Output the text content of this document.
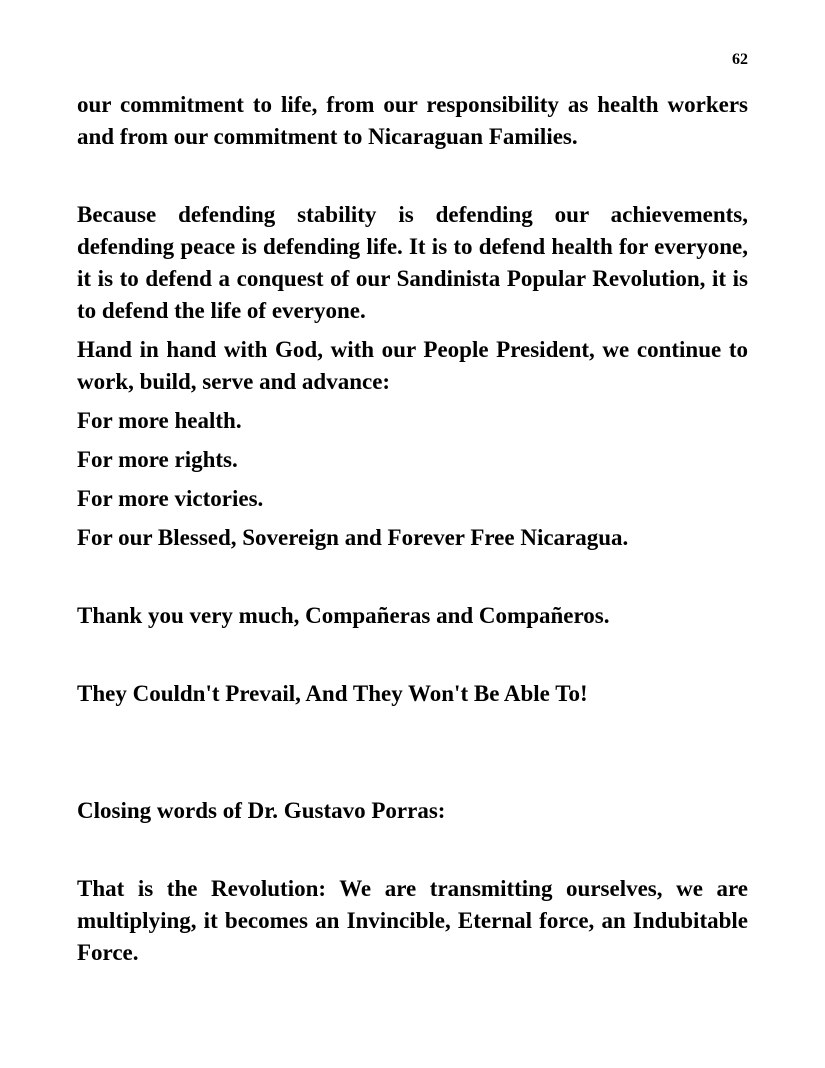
62

our commitment to life, from our responsibility as health workers and from our commitment to Nicaraguan Families.

Because defending stability is defending our achievements, defending peace is defending life. It is to defend health for everyone, it is to defend a conquest of our Sandinista Popular Revolution, it is to defend the life of everyone.

Hand in hand with God, with our People President, we continue to work, build, serve and advance:

For more health.

For more rights.

For more victories.

For our Blessed, Sovereign and Forever Free Nicaragua.

Thank you very much, Compañeras and Compañeros.

They Couldn't Prevail, And They Won't Be Able To!

Closing words of Dr. Gustavo Porras:

That is the Revolution: We are transmitting ourselves, we are multiplying, it becomes an Invincible, Eternal force, an Indubitable Force.
